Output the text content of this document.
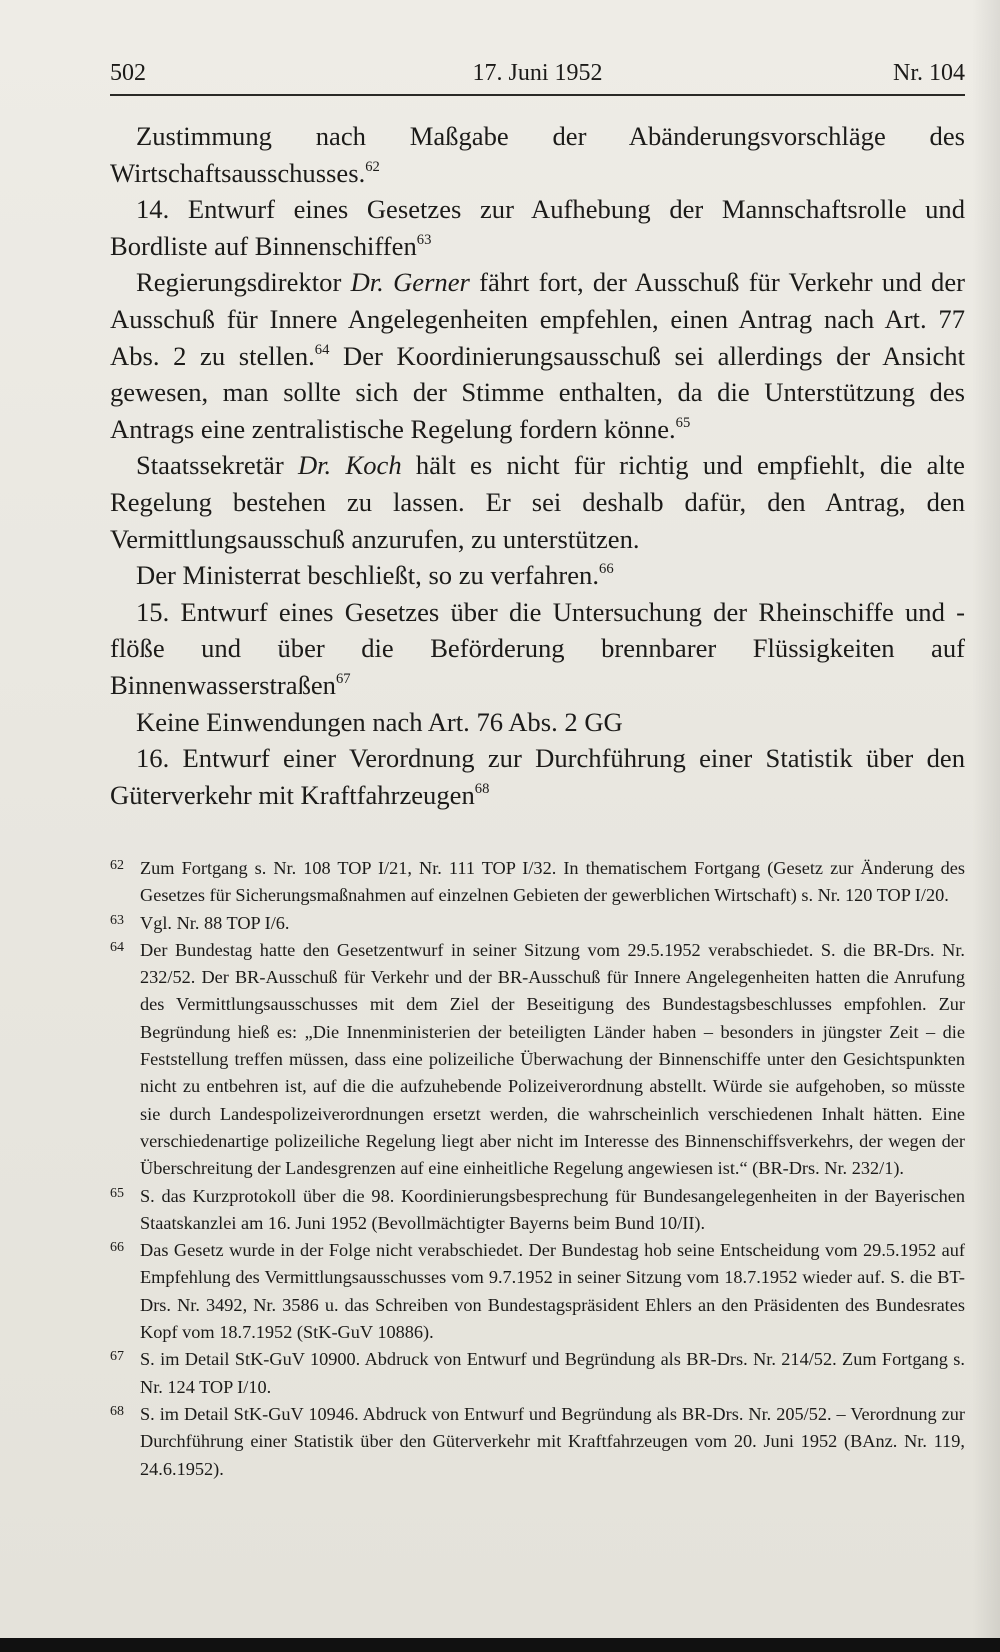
502	17. Juni 1952	Nr. 104

Zustimmung nach Maßgabe der Abänderungsvorschläge des Wirtschaftsausschusses.$^{62}$

14. Entwurf eines Gesetzes zur Aufhebung der Mannschaftsrolle und Bordliste auf Binnenschiffen$^{63}$

Regierungsdirektor Dr. Gerner fährt fort, der Ausschuß für Verkehr und der Ausschuß für Innere Angelegenheiten empfehlen, einen Antrag nach Art. 77 Abs. 2 zu stellen.$^{64}$ Der Koordinierungsausschuß sei allerdings der Ansicht gewesen, man sollte sich der Stimme enthalten, da die Unterstützung des Antrags eine zentralistische Regelung fordern könne.$^{65}$

Staatssekretär Dr. Koch hält es nicht für richtig und empfiehlt, die alte Regelung bestehen zu lassen. Er sei deshalb dafür, den Antrag, den Vermittlungsausschuß anzurufen, zu unterstützen.

Der Ministerrat beschließt, so zu verfahren.$^{66}$

15. Entwurf eines Gesetzes über die Untersuchung der Rheinschiffe und -flöße und über die Beförderung brennbarer Flüssigkeiten auf Binnenwasserstraßen$^{67}$

Keine Einwendungen nach Art. 76 Abs. 2 GG

16. Entwurf einer Verordnung zur Durchführung einer Statistik über den Güterverkehr mit Kraftfahrzeugen$^{68}$

62 Zum Fortgang s. Nr. 108 TOP I/21, Nr. 111 TOP I/32. In thematischem Fortgang (Gesetz zur Änderung des Gesetzes für Sicherungsmaßnahmen auf einzelnen Gebieten der gewerblichen Wirtschaft) s. Nr. 120 TOP I/20.
63 Vgl. Nr. 88 TOP I/6.
64 Der Bundestag hatte den Gesetzentwurf in seiner Sitzung vom 29.5.1952 verabschiedet. S. die BR-Drs. Nr. 232/52. Der BR-Ausschuß für Verkehr und der BR-Ausschuß für Innere Angelegenheiten hatten die Anrufung des Vermittlungsausschusses mit dem Ziel der Beseitigung des Bundestagsbeschlusses empfohlen. Zur Begründung hieß es: „Die Innenministerien der beteiligten Länder haben – besonders in jüngster Zeit – die Feststellung treffen müssen, dass eine polizeiliche Überwachung der Binnenschiffe unter den Gesichtspunkten nicht zu entbehren ist, auf die die aufzuhebende Polizeiverordnung abstellt. Würde sie aufgehoben, so müsste sie durch Landespolizeiverordnungen ersetzt werden, die wahrscheinlich verschiedenen Inhalt hätten. Eine verschiedenartige polizeiliche Regelung liegt aber nicht im Interesse des Binnenschiffsverkehrs, der wegen der Überschreitung der Landesgrenzen auf eine einheitliche Regelung angewiesen ist.“ (BR-Drs. Nr. 232/1).
65 S. das Kurzprotokoll über die 98. Koordinierungsbesprechung für Bundesangelegenheiten in der Bayerischen Staatskanzlei am 16. Juni 1952 (Bevollmächtigter Bayerns beim Bund 10/II).
66 Das Gesetz wurde in der Folge nicht verabschiedet. Der Bundestag hob seine Entscheidung vom 29.5.1952 auf Empfehlung des Vermittlungsausschusses vom 9.7.1952 in seiner Sitzung vom 18.7.1952 wieder auf. S. die BT-Drs. Nr. 3492, Nr. 3586 u. das Schreiben von Bundestagspräsident Ehlers an den Präsidenten des Bundesrates Kopf vom 18.7.1952 (StK-GuV 10886).
67 S. im Detail StK-GuV 10900. Abdruck von Entwurf und Begründung als BR-Drs. Nr. 214/52. Zum Fortgang s. Nr. 124 TOP I/10.
68 S. im Detail StK-GuV 10946. Abdruck von Entwurf und Begründung als BR-Drs. Nr. 205/52. – Verordnung zur Durchführung einer Statistik über den Güterverkehr mit Kraftfahrzeugen vom 20. Juni 1952 (BAnz. Nr. 119, 24.6.1952).
